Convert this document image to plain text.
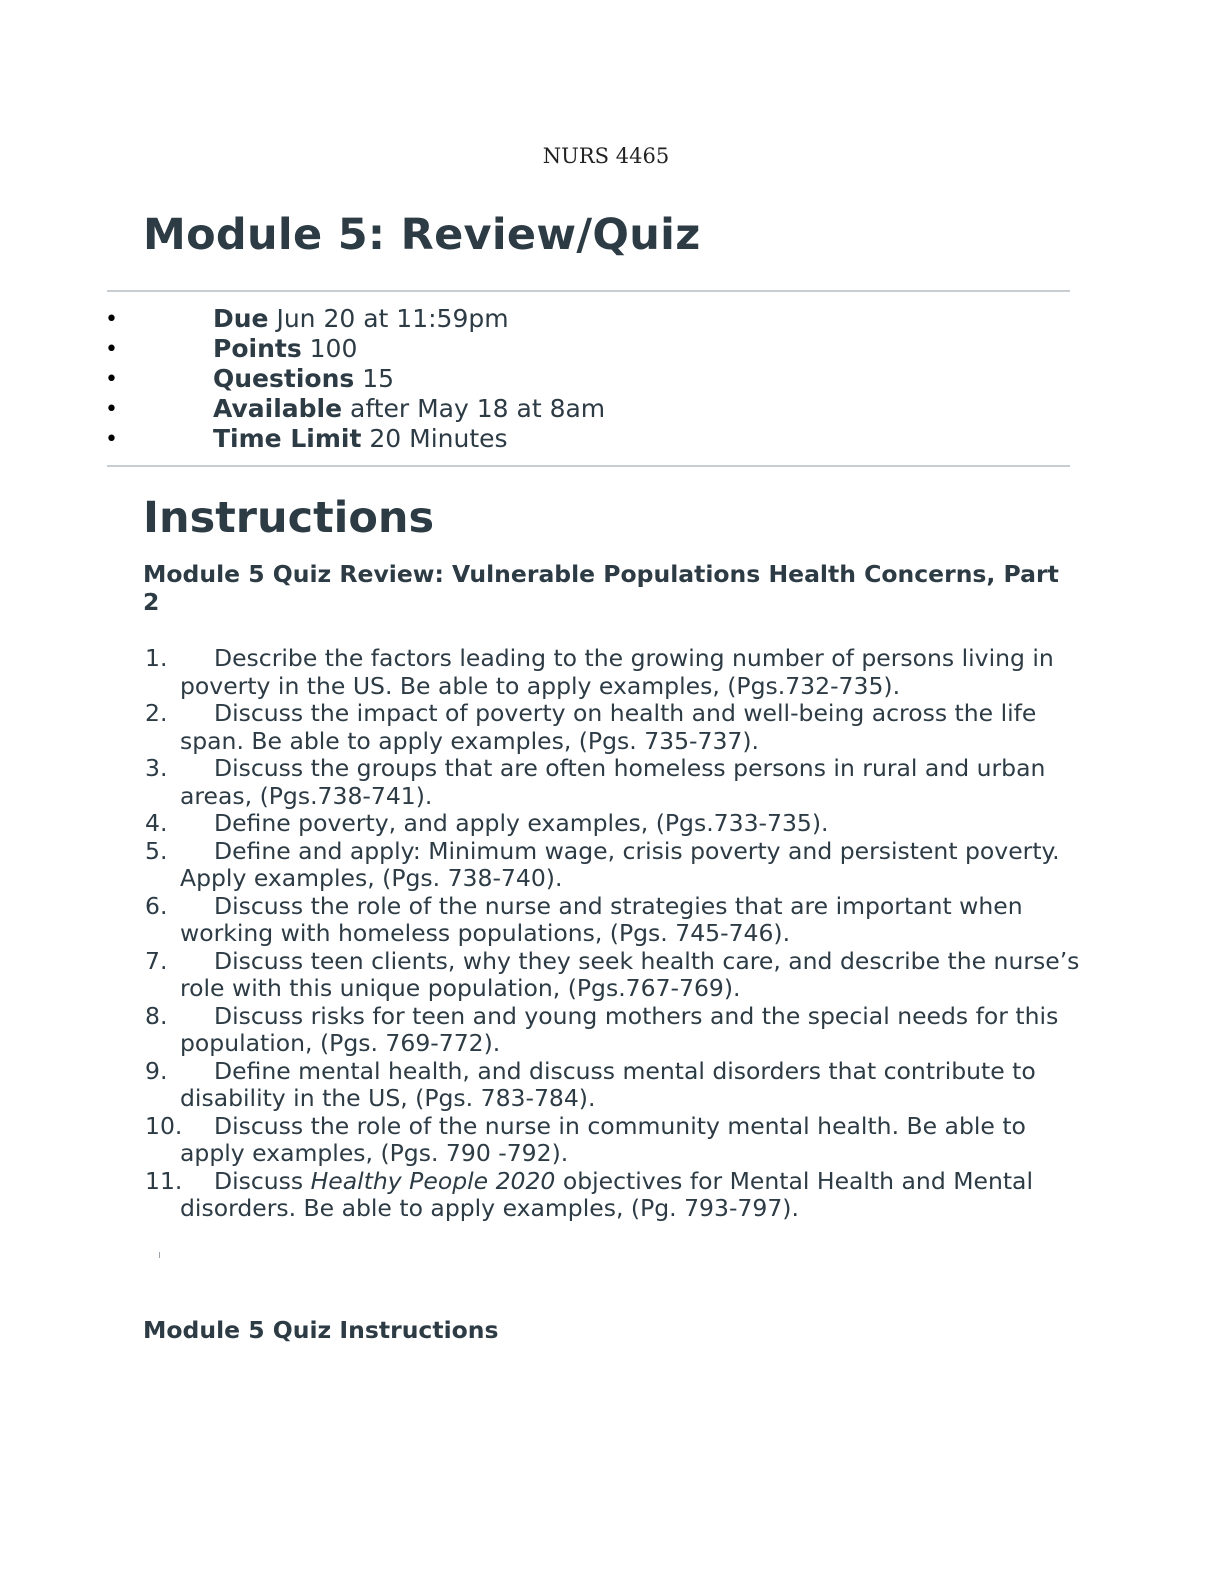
NURS 4465

Module 5: Review/Quiz
•	Due Jun 20 at 11:59pm
•	Points 100
•	Questions 15
•	Available after May 18 at 8am
•	Time Limit 20 Minutes
Instructions
Module 5 Quiz Review: Vulnerable Populations Health Concerns, Part 2
1.	Describe the factors leading to the growing number of persons living in poverty in the US. Be able to apply examples, (Pgs.732-735).
2.	Discuss the impact of poverty on health and well-being across the life span. Be able to apply examples, (Pgs. 735-737).
3.	Discuss the groups that are often homeless persons in rural and urban areas, (Pgs.738-741).
4.	Define poverty, and apply examples, (Pgs.733-735).
5.	Define and apply: Minimum wage, crisis poverty and persistent poverty. Apply examples, (Pgs. 738-740).
6.	Discuss the role of the nurse and strategies that are important when working with homeless populations, (Pgs. 745-746).
7.	Discuss teen clients, why they seek health care, and describe the nurse’s role with this unique population, (Pgs.767-769).
8.	Discuss risks for teen and young mothers and the special needs for this population, (Pgs. 769-772).
9.	Define mental health, and discuss mental disorders that contribute to disability in the US, (Pgs. 783-784).
10.	Discuss the role of the nurse in community mental health. Be able to apply examples, (Pgs. 790 -792).
11.	Discuss Healthy People 2020 objectives for Mental Health and Mental disorders. Be able to apply examples, (Pg. 793-797).
Module 5 Quiz Instructions
